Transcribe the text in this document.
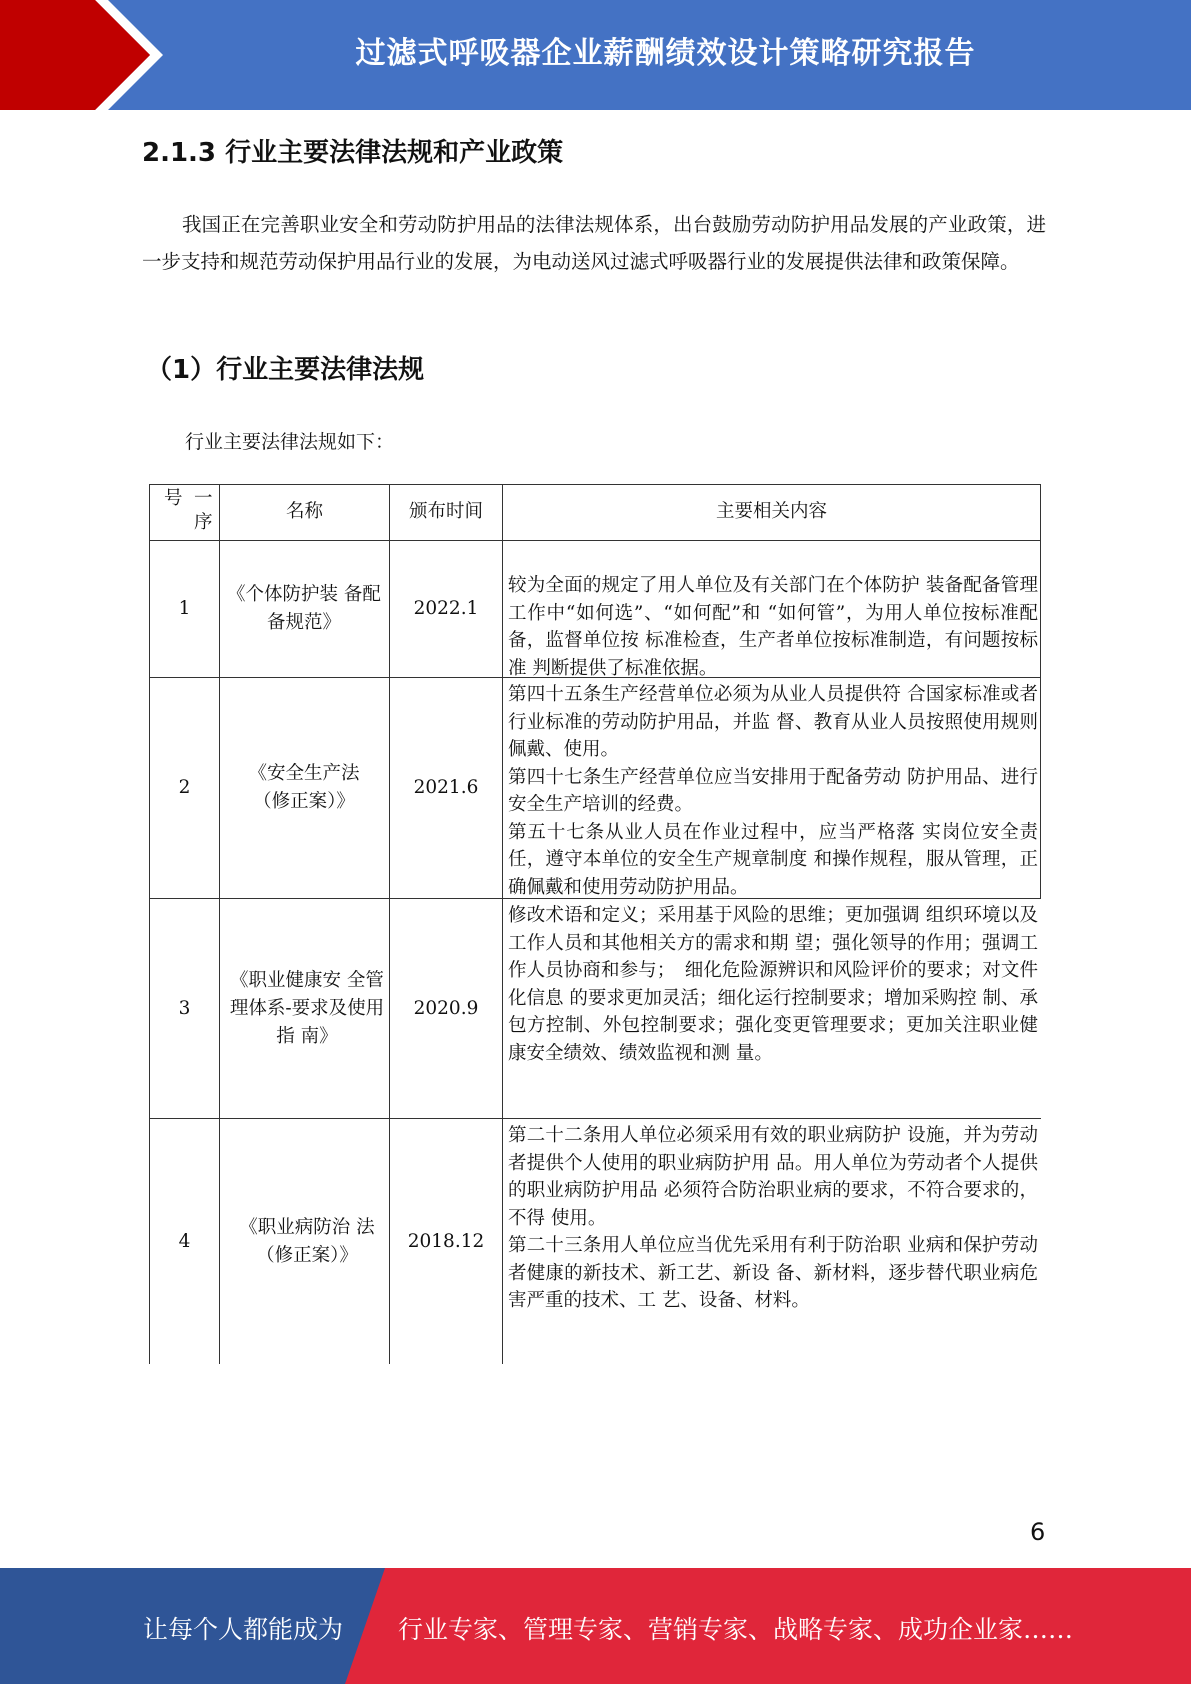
过滤式呼吸器企业薪酬绩效设计策略研究报告
2.1.3 行业主要法律法规和产业政策
我国正在完善职业安全和劳动防护用品的法律法规体系，出台鼓励劳动防护用品发展的产业政策，进一步支持和规范劳动保护用品行业的发展，为电动送风过滤式呼吸器行业的发展提供法律和政策保障。
（1）行业主要法律法规
行业主要法律法规如下：
号 一
序
名称	颁布时间	主要相关内容
1
《个体防护装 备配备规范》
2022.1

较为全面的规定了用人单位及有关部门在个体防护 装备配备管理工作中“如何选”、“如何配”和 “如何管”，为用人单位按标准配备，监督单位按 标准检查，生产者单位按标准制造，有问题按标准 判断提供了标准依据。

2
《安全生产法（修正案）》
2021.6

第四十五条生产经营单位必须为从业人员提供符 合国家标准或者行业标准的劳动防护用品，并监 督、教育从业人员按照使用规则佩戴、使用。

第四十七条生产经营单位应当安排用于配备劳动 防护用品、进行安全生产培训的经费。

第五十七条从业人员在作业过程中，应当严格落 实岗位安全责任，遵守本单位的安全生产规章制度 和操作规程，服从管理，正确佩戴和使用劳动防护用品。

3
《职业健康安 全管理体系-要求及使用指 南》
2020.9

修改术语和定义；采用基于风险的思维；更加强调 组织环境以及工作人员和其他相关方的需求和期 望；强化领导的作用；强调工作人员协商和参与；　细化危险源辨识和风险评价的要求；对文件化信息 的要求更加灵活；细化运行控制要求；增加采购控 制、承包方控制、外包控制要求；强化变更管理要求；更加关注职业健康安全绩效、绩效监视和测 量。

4
《职业病防治 法（修正案）》
2018.12

第二十二条用人单位必须采用有效的职业病防护 设施，并为劳动者提供个人使用的职业病防护用 品。用人单位为劳动者个人提供的职业病防护用品 必须符合防治职业病的要求，不符合要求的，不得 使用。

第二十三条用人单位应当优先采用有利于防治职 业病和保护劳动者健康的新技术、新工艺、新设 备、新材料，逐步替代职业病危害严重的技术、工 艺、设备、材料。

6
让每个人都能成为 行业专家、管理专家、营销专家、战略专家、成功企业家……
